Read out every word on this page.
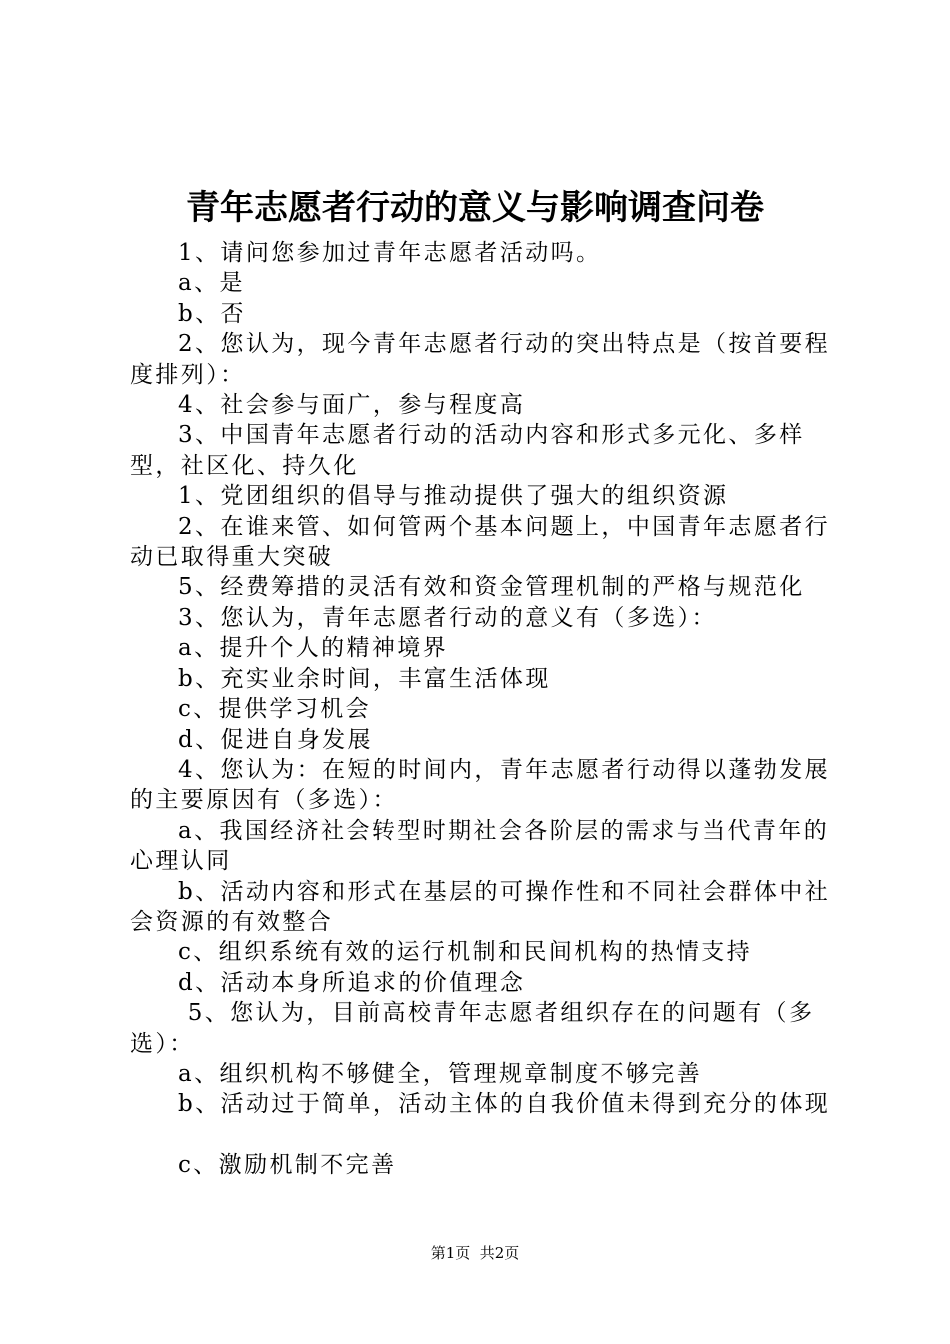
青年志愿者行动的意义与影响调查问卷

1、请问您参加过青年志愿者活动吗。

a、是

b、否

2、您认为，现今青年志愿者行动的突出特点是（按首要程度排列）：

4、社会参与面广，参与程度高

3、中国青年志愿者行动的活动内容和形式多元化、多样型，社区化、持久化

1、党团组织的倡导与推动提供了强大的组织资源

2、在谁来管、如何管两个基本问题上，中国青年志愿者行动已取得重大突破

5、经费筹措的灵活有效和资金管理机制的严格与规范化

3、您认为，青年志愿者行动的意义有（多选）：

a、提升个人的精神境界

b、充实业余时间，丰富生活体现

c、提供学习机会

d、促进自身发展

4、您认为：在短的时间内，青年志愿者行动得以蓬勃发展的主要原因有（多选）：

a、我国经济社会转型时期社会各阶层的需求与当代青年的心理认同

b、活动内容和形式在基层的可操作性和不同社会群体中社会资源的有效整合

c、组织系统有效的运行机制和民间机构的热情支持

d、活动本身所追求的价值理念

5、您认为，目前高校青年志愿者组织存在的问题有（多选）：

a、组织机构不够健全，管理规章制度不够完善

b、活动过于简单，活动主体的自我价值未得到充分的体现

c、激励机制不完善

第1页  共2页
